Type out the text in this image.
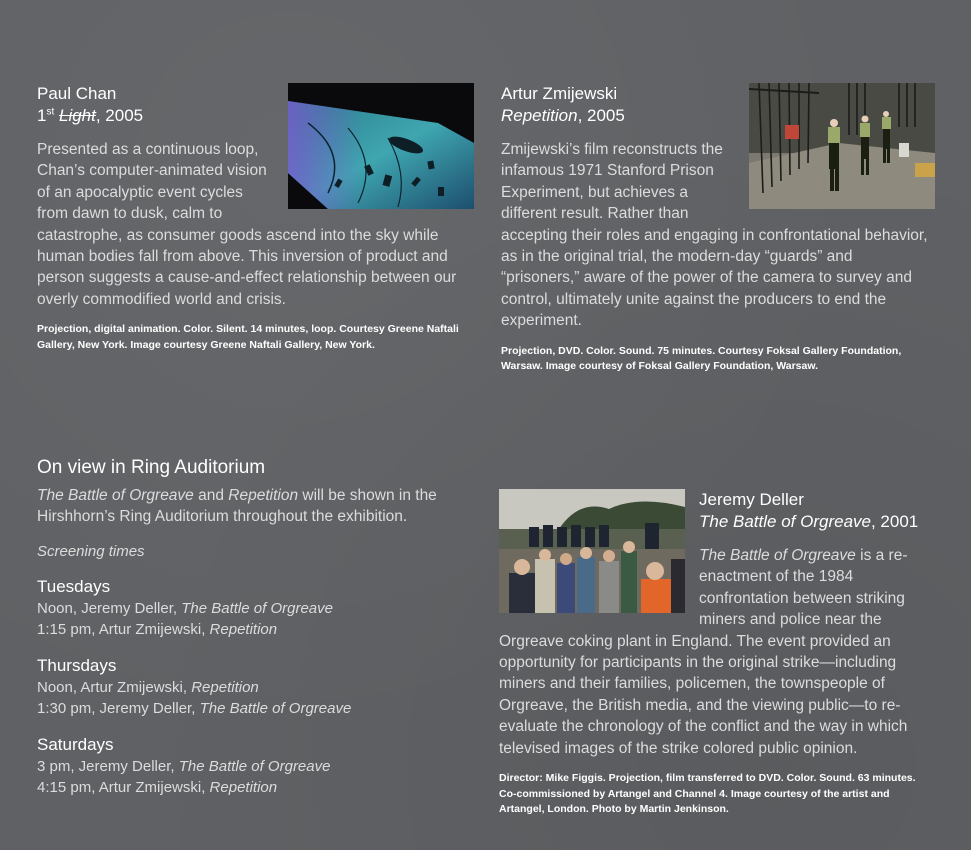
Paul Chan

1st Light, 2005

Presented as a continuous loop, Chan’s computer-animated vision of an apocalyptic event cycles from dawn to dusk, calm to catastrophe, as consumer goods ascend into the sky while human bodies fall from above. This inversion of product and person suggests a cause-and-effect relationship between our overly commodified world and crisis.

Projection, digital animation. Color. Silent. 14 minutes, loop. Courtesy Greene Naftali Gallery, New York. Image courtesy Greene Naftali Gallery, New York.

Artur Zmijewski

Repetition, 2005

Zmijewski’s film reconstructs the infamous 1971 Stanford Prison Experiment, but achieves a different result. Rather than accepting their roles and engaging in confrontational behavior, as in the original trial, the modern-day “guards” and “prisoners,” aware of the power of the camera to survey and control, ultimately unite against the producers to end the experiment.

Projection, DVD. Color. Sound. 75 minutes. Courtesy Foksal Gallery Foundation, Warsaw. Image courtesy of Foksal Gallery Foundation, Warsaw.

On view in Ring Auditorium

The Battle of Orgreave and Repetition will be shown in the Hirshhorn’s Ring Auditorium throughout the exhibition.

Screening times

Tuesdays

Noon, Jeremy Deller, The Battle of Orgreave

1:15 pm, Artur Zmijewski, Repetition

Thursdays

Noon, Artur Zmijewski, Repetition

1:30 pm, Jeremy Deller, The Battle of Orgreave

Saturdays

3 pm, Jeremy Deller, The Battle of Orgreave

4:15 pm, Artur Zmijewski, Repetition

Jeremy Deller

The Battle of Orgreave, 2001

The Battle of Orgreave is a re-enactment of the 1984 confrontation between striking miners and police near the Orgreave coking plant in England. The event provided an opportunity for participants in the original strike—including miners and their families, policemen, the townspeople of Orgreave, the British media, and the viewing public—to re-evaluate the chronology of the conflict and the way in which televised images of the strike colored public opinion.

Director: Mike Figgis. Projection, film transferred to DVD. Color. Sound. 63 minutes. Co-commissioned by Artangel and Channel 4. Image courtesy of the artist and Artangel, London. Photo by Martin Jenkinson.
